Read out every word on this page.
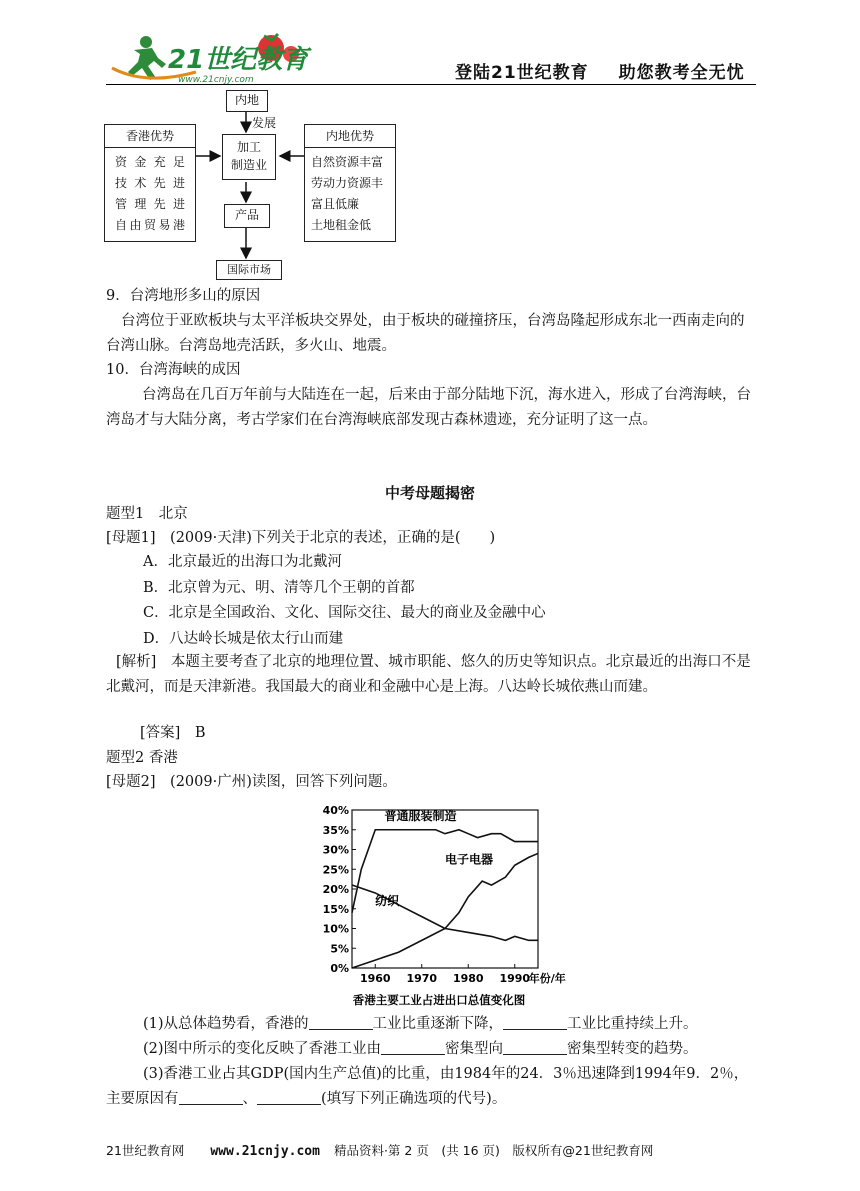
21世纪教育
www.21cnjy.com	登陆21世纪教育 助您教考全无忧
内地
发展
加工
制造业
产品
国际市场
香港优势
资金充足
技术先进
管理先进
自由贸易港
内地优势
自然资源丰富
劳动力资源丰
富且低廉
土地租金低
9．台湾地形多山的原因
台湾位于亚欧板块与太平洋板块交界处，由于板块的碰撞挤压，台湾岛隆起形成东北一西南走向的台湾山脉。台湾岛地壳活跃，多火山、地震。
10．台湾海峡的成因
台湾岛在几百万年前与大陆连在一起，后来由于部分陆地下沉，海水进入，形成了台湾海峡，台湾岛才与大陆分离，考古学家们在台湾海峡底部发现古森林遗迹，充分证明了这一点。
中考母题揭密
题型1　北京
[母题1]　(2009·天津)下列关于北京的表述，正确的是(　　)
A．北京最近的出海口为北戴河
B．北京曾为元、明、清等几个王朝的首都
C．北京是全国政治、文化、国际交往、最大的商业及金融中心
D．八达岭长城是依太行山而建
[解析]　本题主要考查了北京的地理位置、城市职能、悠久的历史等知识点。北京最近的出海口不是北戴河，而是天津新港。我国最大的商业和金融中心是上海。八达岭长城依燕山而建。
[答案]　B
题型2 香港
[母题2]　(2009·广州)读图，回答下列问题。
0%
5%
10%
15%
20%
25%
30%
35%
40%
1960 1970 1980 1990
年份/年
普通服装制造
电子电器
纺织
香港主要工业占进出口总值变化图
(1)从总体趋势看，香港的	工业比重逐渐下降，	工业比重持续上升。
(2)图中所示的变化反映了香港工业由	密集型向	密集型转变的趋势。
(3)香港工业占其GDP(国内生产总值)的比重，由1984年的24．3％迅速降到1994年9．2％，主要原因有	、	(填写下列正确选项的代号)。
21世纪教育网 www.21cnjy.com 精品资料·第 2 页　(共 16 页)　版权所有@21世纪教育网
